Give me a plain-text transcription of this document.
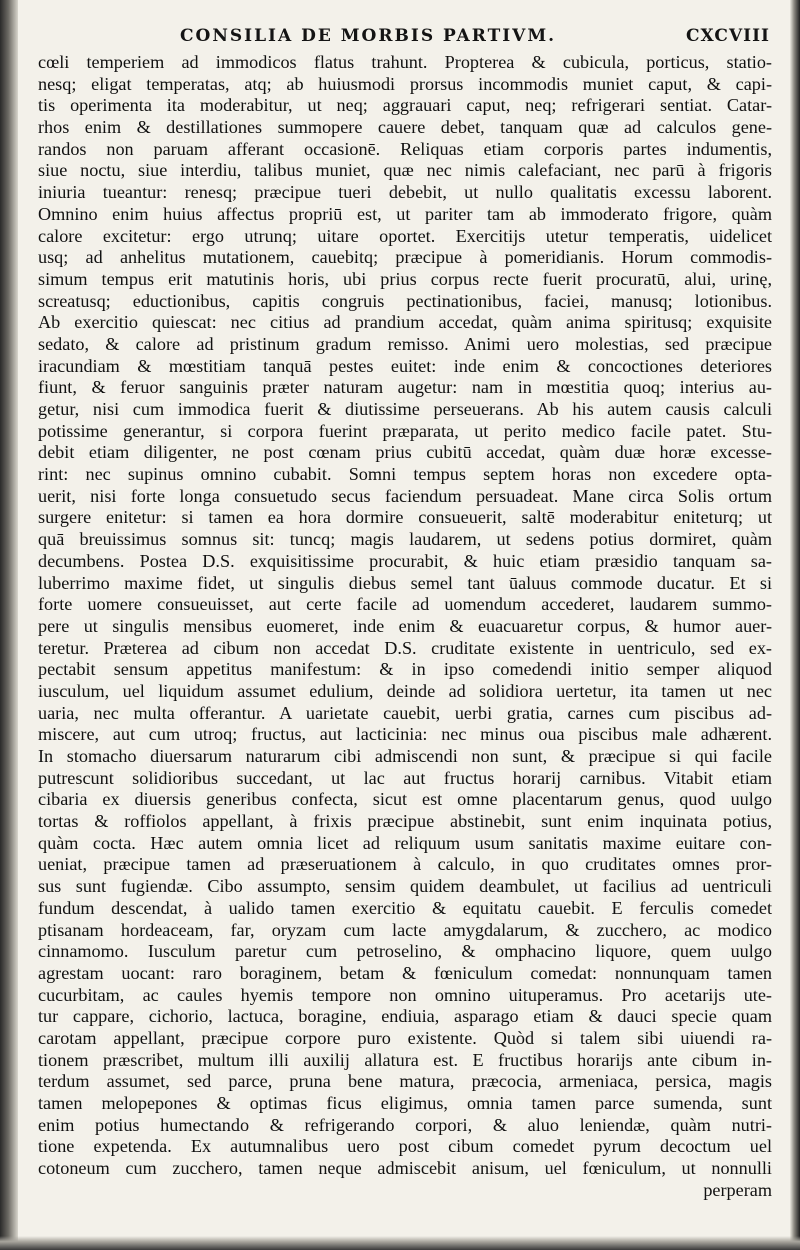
CONSILIA DE MORBIS PARTIVM.	CXCVIII
cœli temperiem ad immodicos flatus trahunt. Propterea & cubicula, porticus, statio-
nesq; eligat temperatas, atq; ab huiusmodi prorsus incommodis muniet caput, & capi-
tis operimenta ita moderabitur, ut neq; aggrauari caput, neq; refrigerari sentiat. Catar-
rhos enim & destillationes summopere cauere debet, tanquam quæ ad calculos gene-
randos non paruam afferant occasionē. Reliquas etiam corporis partes indumentis,
siue noctu, siue interdiu, talibus muniet, quæ nec nimis calefaciant, nec parū à frigoris
iniuria tueantur: renesq; præcipue tueri debebit, ut nullo qualitatis excessu laborent.
Omnino enim huius affectus propriū est, ut pariter tam ab immoderato frigore, quàm
calore excitetur: ergo utrunq; uitare oportet. Exercitijs utetur temperatis, uidelicet
usq; ad anhelitus mutationem, cauebitq; præcipue à pomeridianis. Horum commodis-
simum tempus erit matutinis horis, ubi prius corpus recte fuerit procuratū, alui, urinę,
screatusq; eductionibus, capitis congruis pectinationibus, faciei, manusq; lotionibus.
Ab exercitio quiescat: nec citius ad prandium accedat, quàm anima spiritusq; exquisite
sedato, & calore ad pristinum gradum remisso. Animi uero molestias, sed præcipue
iracundiam & mœstitiam tanquā pestes euitet: inde enim & concoctiones deteriores
fiunt, & feruor sanguinis præter naturam augetur: nam in mœstitia quoq; interius au-
getur, nisi cum immodica fuerit & diutissime perseuerans. Ab his autem causis calculi
potissime generantur, si corpora fuerint præparata, ut perito medico facile patet. Stu-
debit etiam diligenter, ne post cœnam prius cubitū accedat, quàm duæ horæ excesse-
rint: nec supinus omnino cubabit. Somni tempus septem horas non excedere opta-
uerit, nisi forte longa consuetudo secus faciendum persuadeat. Mane circa Solis ortum
surgere enitetur: si tamen ea hora dormire consueuerit, saltē moderabitur eniteturq; ut
quā breuissimus somnus sit: tuncq; magis laudarem, ut sedens potius dormiret, quàm
decumbens. Postea D.S. exquisitissime procurabit, & huic etiam præsidio tanquam sa-
luberrimo maxime fidet, ut singulis diebus semel tant ūaluus commode ducatur. Et si
forte uomere consueuisset, aut certe facile ad uomendum accederet, laudarem summo-
pere ut singulis mensibus euomeret, inde enim & euacuaretur corpus, & humor auer-
teretur. Præterea ad cibum non accedat D.S. cruditate existente in uentriculo, sed ex-
pectabit sensum appetitus manifestum: & in ipso comedendi initio semper aliquod
iusculum, uel liquidum assumet edulium, deinde ad solidiora uertetur, ita tamen ut nec
uaria, nec multa offerantur. A uarietate cauebit, uerbi gratia, carnes cum piscibus ad-
miscere, aut cum utroq; fructus, aut lacticinia: nec minus oua piscibus male adhærent.
In stomacho diuersarum naturarum cibi admiscendi non sunt, & præcipue si qui facile
putrescunt solidioribus succedant, ut lac aut fructus horarij carnibus. Vitabit etiam
cibaria ex diuersis generibus confecta, sicut est omne placentarum genus, quod uulgo
tortas & roffiolos appellant, à frixis præcipue abstinebit, sunt enim inquinata potius,
quàm cocta. Hæc autem omnia licet ad reliquum usum sanitatis maxime euitare con-
ueniat, præcipue tamen ad præseruationem à calculo, in quo cruditates omnes pror-
sus sunt fugiendæ. Cibo assumpto, sensim quidem deambulet, ut facilius ad uentriculi
fundum descendat, à ualido tamen exercitio & equitatu cauebit. E ferculis comedet
ptisanam hordeaceam, far, oryzam cum lacte amygdalarum, & zucchero, ac modico
cinnamomo. Iusculum paretur cum petroselino, & omphacino liquore, quem uulgo
agrestam uocant: raro boraginem, betam & fœniculum comedat: nonnunquam tamen
cucurbitam, ac caules hyemis tempore non omnino uituperamus. Pro acetarijs ute-
tur cappare, cichorio, lactuca, boragine, endiuia, asparago etiam & dauci specie quam
carotam appellant, præcipue corpore puro existente. Quòd si talem sibi uiuendi ra-
tionem præscribet, multum illi auxilij allatura est. E fructibus horarijs ante cibum in-
terdum assumet, sed parce, pruna bene matura, præcocia, armeniaca, persica, magis
tamen melopepones & optimas ficus eligimus, omnia tamen parce sumenda, sunt
enim potius humectando & refrigerando corpori, & aluo leniendæ, quàm nutri-
tione expetenda. Ex autumnalibus uero post cibum comedet pyrum decoctum uel
cotoneum cum zucchero, tamen neque admiscebit anisum, uel fœniculum, ut nonnulli
perperam
